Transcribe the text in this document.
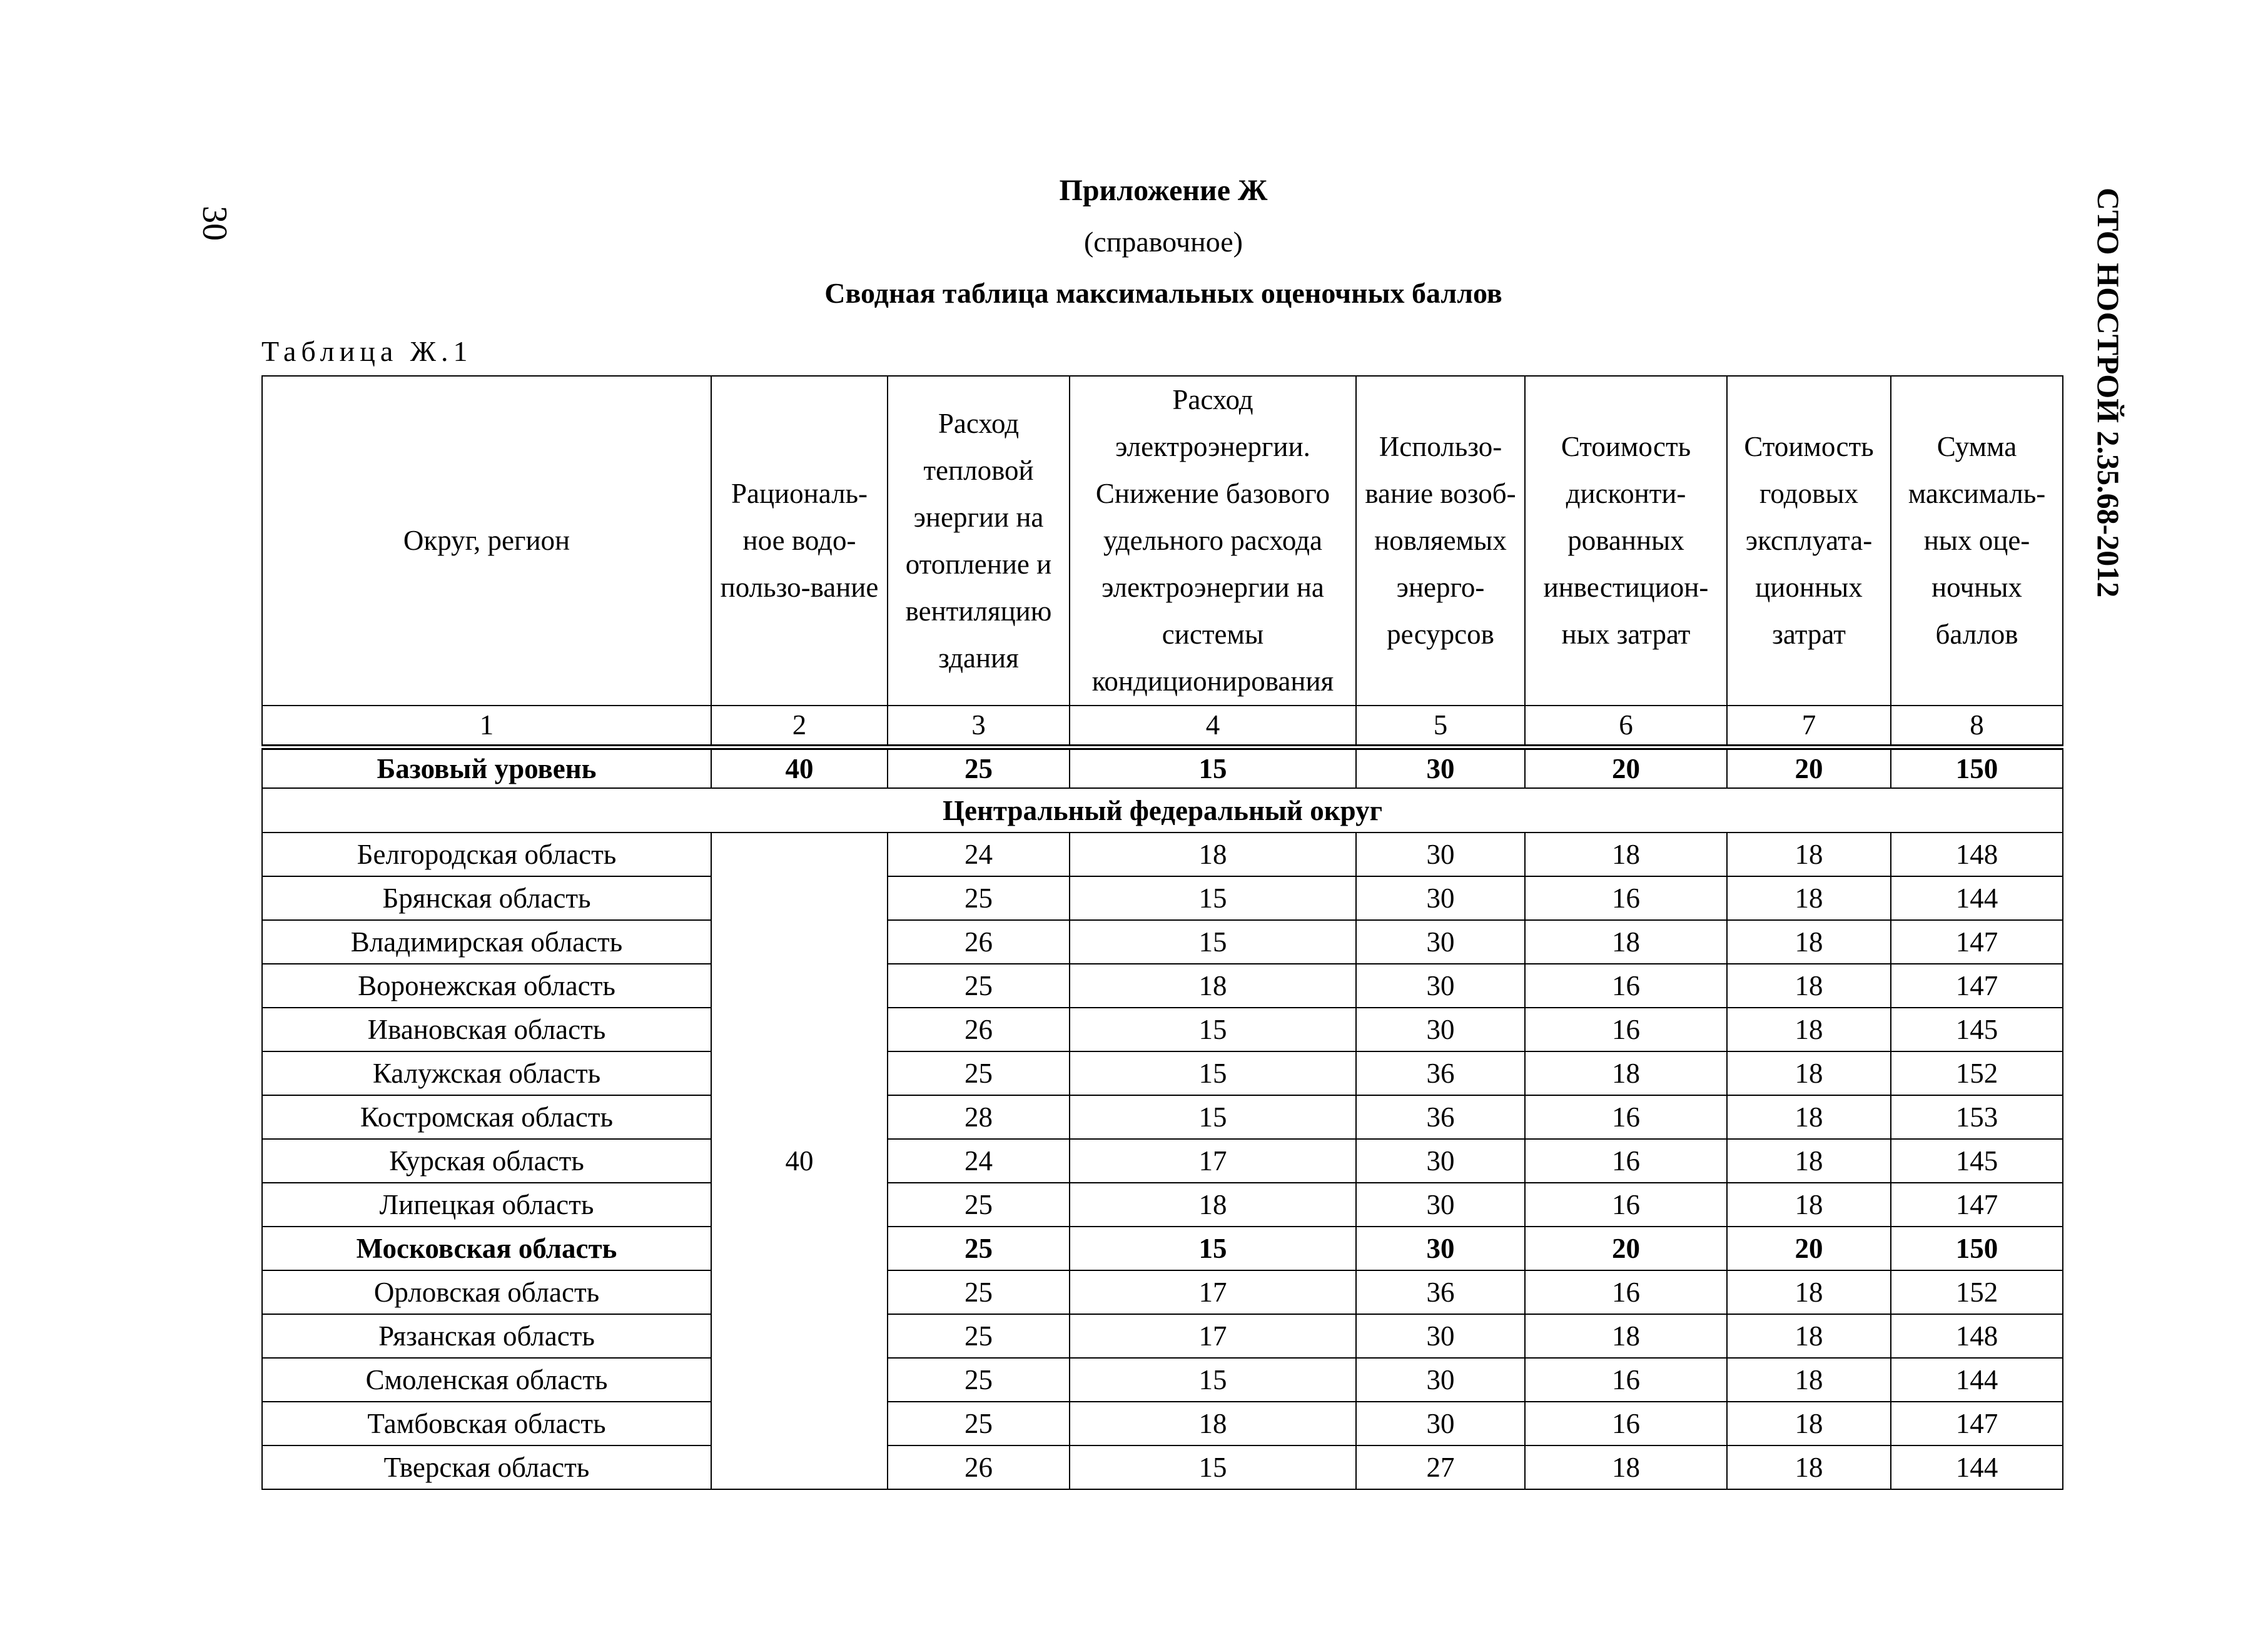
30	СТО НОСТРОЙ 2.35.68-2012
Приложение Ж
(справочное)
Сводная таблица максимальных оценочных баллов
Таблица Ж.1
Округ, регион	Рациональ-ное водо-пользо-вание	Расход тепловой энергии на отопление и вентиляцию здания	Расход электроэнергии. Снижение базового удельного расхода электроэнергии на системы кондиционирования	Использо-вание возоб-новляемых энерго-ресурсов	Стоимость дисконти-рованных инвестицион-ных затрат	Стоимость годовых эксплуата-ционных затрат	Сумма максималь-ных оце-ночных баллов
1	2	3	4	5	6	7	8
Базовый уровень	40	25	15	30	20	20	150
Центральный федеральный округ							
Белгородская область	40	24	18	30	18	18	148
Брянская область		25	15	30	16	18	144
Владимирская область		26	15	30	18	18	147
Воронежская область		25	18	30	16	18	147
Ивановская область		26	15	30	16	18	145
Калужская область		25	15	36	18	18	152
Костромская область		28	15	36	16	18	153
Курская область		24	17	30	16	18	145
Липецкая область		25	18	30	16	18	147
Московская область		25	15	30	20	20	150
Орловская область		25	17	36	16	18	152
Рязанская область		25	17	30	18	18	148
Смоленская область		25	15	30	16	18	144
Тамбовская область		25	18	30	16	18	147
Тверская область		26	15	27	18	18	144
